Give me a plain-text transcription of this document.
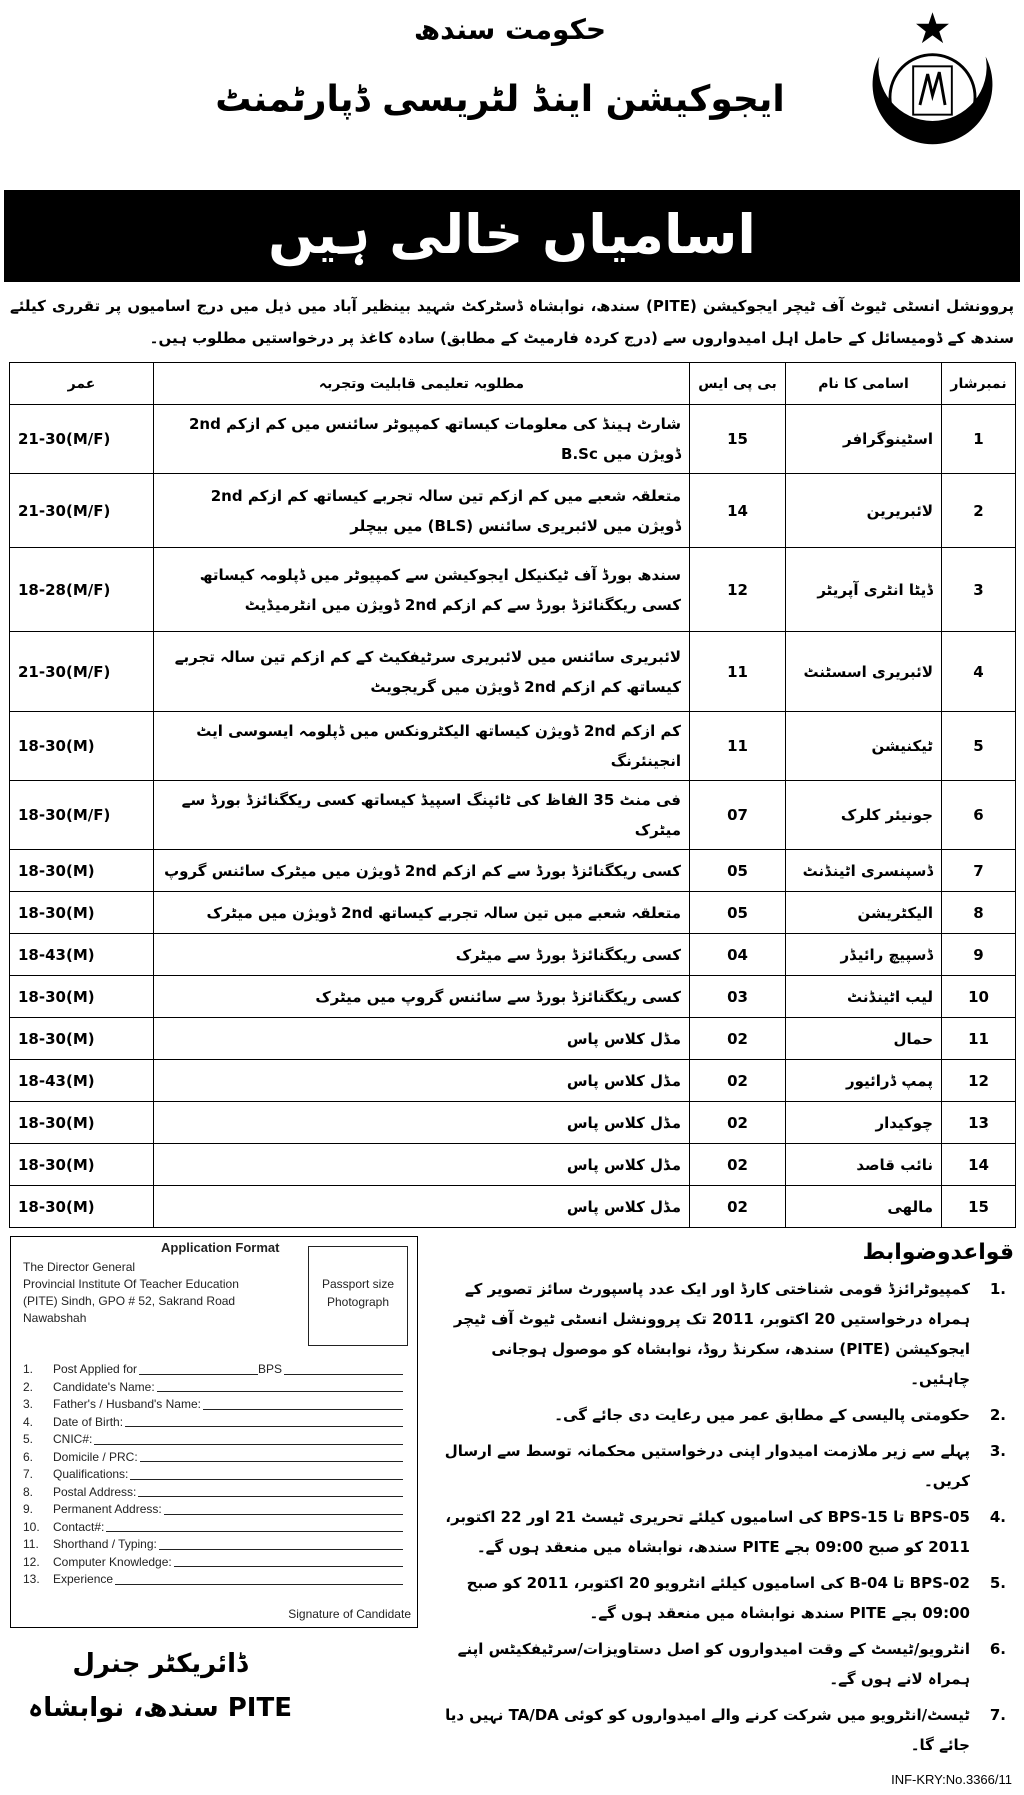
حکومت سندھ
ایجوکیشن اینڈ لٹریسی ڈپارٹمنٹ
اسامیاں خالی ہیں
پروونشل انسٹی ٹیوٹ آف ٹیچر ایجوکیشن (PITE) سندھ، نوابشاہ ڈسٹرکٹ شہید بینظیر آباد میں ذیل میں درج اسامیوں پر تقرری کیلئے سندھ کے ڈومیسائل کے حامل اہل امیدواروں سے (درج کردہ فارمیٹ کے مطابق) سادہ کاغذ پر درخواستیں مطلوب ہیں۔
نمبرشار	اسامی کا نام	بی پی ایس	مطلوبہ تعلیمی قابلیت وتجربہ	عمر
1	اسٹینوگرافر	15	شارٹ ہینڈ کی معلومات کیساتھ کمپیوٹر سائنس میں کم ازکم 2nd ڈویژن میں B.Sc	21-30(M/F)
2	لائبریرین	14	متعلقہ شعبے میں کم ازکم تین سالہ تجربے کیساتھ کم ازکم 2nd ڈویژن میں لائبریری سائنس (BLS) میں بیچلر	21-30(M/F)
3	ڈیٹا انٹری آپریٹر	12	سندھ بورڈ آف ٹیکنیکل ایجوکیشن سے کمپیوٹر میں ڈپلومہ کیساتھ کسی ریکگنائزڈ بورڈ سے کم ازکم 2nd ڈویژن میں انٹرمیڈیٹ	18-28(M/F)
4	لائبریری اسسٹنٹ	11	لائبریری سائنس میں لائبریری سرٹیفکیٹ کے کم ازکم تین سالہ تجربے کیساتھ کم ازکم 2nd ڈویژن میں گریجویٹ	21-30(M/F)
5	ٹیکنیشن	11	کم ازکم 2nd ڈویژن کیساتھ الیکٹرونکس میں ڈپلومہ ایسوسی ایٹ انجینئرنگ	18-30(M)
6	جونیئر کلرک	07	فی منٹ 35 الفاظ کی ٹائپنگ اسپیڈ کیساتھ کسی ریکگنائزڈ بورڈ سے میٹرک	18-30(M/F)
7	ڈسپنسری اٹینڈنٹ	05	کسی ریکگنائزڈ بورڈ سے کم ازکم 2nd ڈویژن میں میٹرک سائنس گروپ	18-30(M)
8	الیکٹریشن	05	متعلقہ شعبے میں تین سالہ تجربے کیساتھ 2nd ڈویژن میں میٹرک	18-30(M)
9	ڈسپیچ رائیڈر	04	کسی ریکگنائزڈ بورڈ سے میٹرک	18-43(M)
10	لیب اٹینڈنٹ	03	کسی ریکگنائزڈ بورڈ سے سائنس گروپ میں میٹرک	18-30(M)
11	حمال	02	مڈل کلاس پاس	18-30(M)
12	پمپ ڈرائیور	02	مڈل کلاس پاس	18-43(M)
13	چوکیدار	02	مڈل کلاس پاس	18-30(M)
14	نائب قاصد	02	مڈل کلاس پاس	18-30(M)
15	مالھی	02	مڈل کلاس پاس	18-30(M)
Application Format
The Director General
Provincial Institute Of Teacher Education
(PITE) Sindh, GPO # 52, Sakrand Road
Nawabshah
Passport size
Photograph
1.	Post Applied for	BPS
2.	Candidate's Name:
3.	Father's / Husband's Name:
4.	Date of Birth:
5.	CNIC#:
6.	Domicile / PRC:
7.	Qualifications:
8.	Postal Address:
9.	Permanent Address:
10.	Contact#:
11.	Shorthand / Typing:
12.	Computer Knowledge:
13.	Experience
Signature of Candidate
ڈائریکٹر جنرل
PITE سندھ، نوابشاہ
قواعدوضوابط
1.
کمپیوٹرائزڈ قومی شناختی کارڈ اور ایک عدد پاسپورٹ سائز تصویر کے ہمراہ درخواستیں 20 اکتوبر، 2011 تک پروونشل انسٹی ٹیوٹ آف ٹیچر ایجوکیشن (PITE) سندھ، سکرنڈ روڈ، نوابشاہ کو موصول ہوجانی چاہئیں۔
2.
حکومتی پالیسی کے مطابق عمر میں رعایت دی جائے گی۔
3.
پہلے سے زیر ملازمت امیدوار اپنی درخواستیں محکمانہ توسط سے ارسال کریں۔
4.
BPS-05 تا BPS-15 کی اسامیوں کیلئے تحریری ٹیسٹ 21 اور 22 اکتوبر، 2011 کو صبح 09:00 بجے PITE سندھ، نوابشاہ میں منعقد ہوں گے۔
5.
BPS-02 تا B-04 کی اسامیوں کیلئے انٹرویو 20 اکتوبر، 2011 کو صبح 09:00 بجے PITE سندھ نوابشاہ میں منعقد ہوں گے۔
6.
انٹرویو/ٹیسٹ کے وقت امیدواروں کو اصل دستاویزات/سرٹیفکیٹس اپنے ہمراہ لانے ہوں گے۔
7.
ٹیسٹ/انٹرویو میں شرکت کرنے والے امیدواروں کو کوئی TA/DA نہیں دیا جائے گا۔
INF-KRY:No.3366/11
